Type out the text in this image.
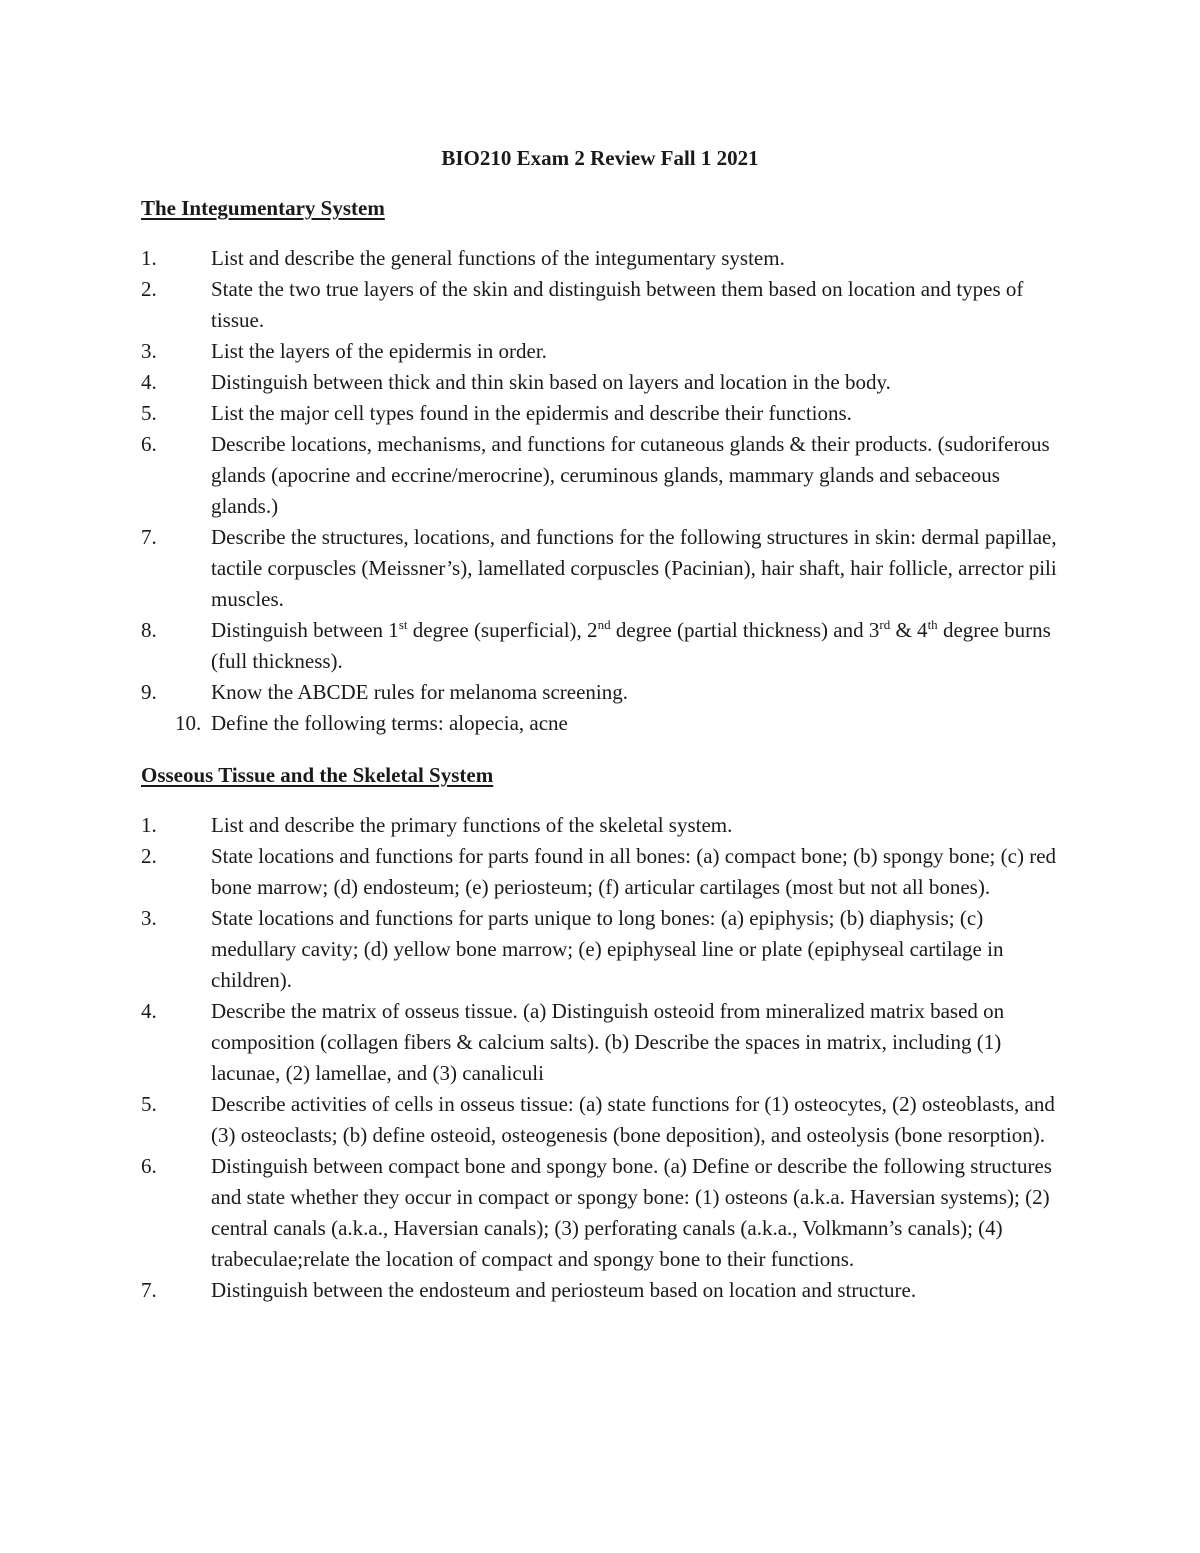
BIO210 Exam 2 Review Fall 1 2021
The Integumentary System
1.	List and describe the general functions of the integumentary system.
2.	State the two true layers of the skin and distinguish between them based on location and types of tissue.
3.	List the layers of the epidermis in order.
4.	Distinguish between thick and thin skin based on layers and location in the body.
5.	List the major cell types found in the epidermis and describe their functions.
6.	Describe locations, mechanisms, and functions for cutaneous glands & their products. (sudoriferous glands (apocrine and eccrine/merocrine), ceruminous glands, mammary glands and sebaceous glands.)
7.	Describe the structures, locations, and functions for the following structures in skin: dermal papillae, tactile corpuscles (Meissner’s), lamellated corpuscles (Pacinian), hair shaft, hair follicle, arrector pili muscles.
8.	Distinguish between 1st degree (superficial), 2nd degree (partial thickness) and 3rd & 4th degree burns (full thickness).
9.	Know the ABCDE rules for melanoma screening.
10. Define the following terms: alopecia, acne
Osseous Tissue and the Skeletal System
1.	List and describe the primary functions of the skeletal system.
2.	State locations and functions for parts found in all bones: (a) compact bone; (b) spongy bone; (c) red bone marrow; (d) endosteum; (e) periosteum; (f) articular cartilages (most but not all bones).
3.	State locations and functions for parts unique to long bones: (a) epiphysis; (b) diaphysis; (c) medullary cavity; (d) yellow bone marrow; (e) epiphyseal line or plate (epiphyseal cartilage in children).
4.	Describe the matrix of osseus tissue. (a) Distinguish osteoid from mineralized matrix based on composition (collagen fibers & calcium salts). (b) Describe the spaces in matrix, including (1) lacunae, (2) lamellae, and (3) canaliculi
5.	Describe activities of cells in osseus tissue: (a) state functions for (1) osteocytes, (2) osteoblasts, and (3) osteoclasts; (b) define osteoid, osteogenesis (bone deposition), and osteolysis (bone resorption).
6.	Distinguish between compact bone and spongy bone. (a) Define or describe the following structures and state whether they occur in compact or spongy bone: (1) osteons (a.k.a. Haversian systems); (2) central canals (a.k.a., Haversian canals); (3) perforating canals (a.k.a., Volkmann’s canals); (4) trabeculae;relate the location of compact and spongy bone to their functions.
7.	Distinguish between the endosteum and periosteum based on location and structure.
